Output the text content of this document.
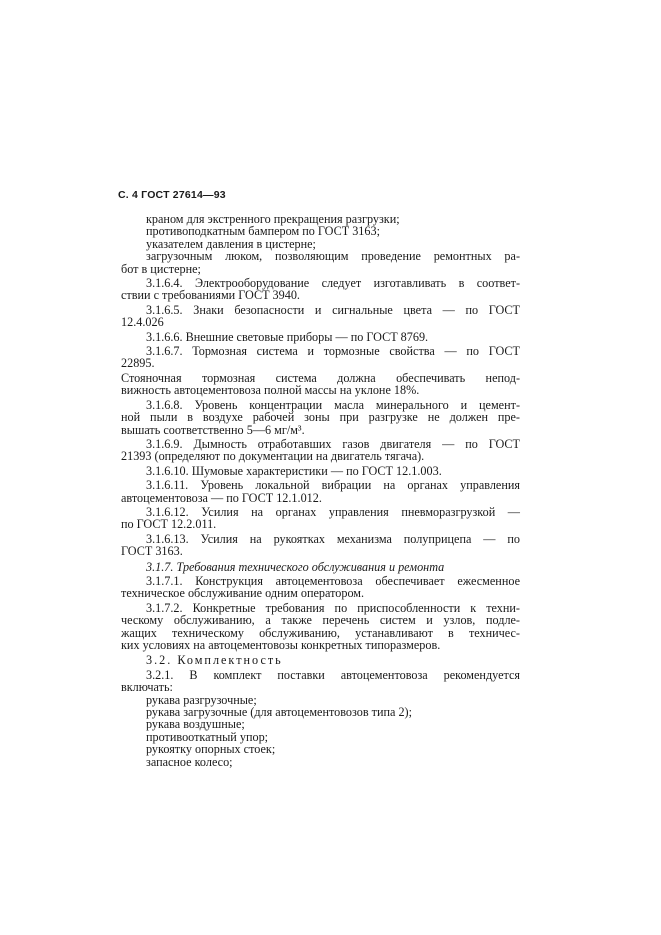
С. 4 ГОСТ 27614—93
краном для экстренного прекращения разгрузки;
противоподкатным бампером по ГОСТ 3163;
указателем давления в цистерне;
загрузочным люком, позволяющим проведение ремонтных ра-
бот в цистерне;
3.1.6.4. Электрооборудование следует изготавливать в соответ-
ствии с требованиями ГОСТ 3940.
3.1.6.5. Знаки безопасности и сигнальные цвета — по ГОСТ
12.4.026
3.1.6.6. Внешние световые приборы — по ГОСТ 8769.
3.1.6.7. Тормозная система и тормозные свойства — по ГОСТ
22895.
Стояночная тормозная система должна обеспечивать непод-
вижность автоцементовоза полной массы на уклоне 18%.
3.1.6.8. Уровень концентрации масла минерального и цемент-
ной пыли в воздухе рабочей зоны при разгрузке не должен пре-
вышать соответственно 5—6 мг/м³.
3.1.6.9. Дымность отработавших газов двигателя — по ГОСТ
21393 (определяют по документации на двигатель тягача).
3.1.6.10. Шумовые характеристики — по ГОСТ 12.1.003.
3.1.6.11. Уровень локальной вибрации на органах управления
автоцементовоза — по ГОСТ 12.1.012.
3.1.6.12. Усилия на органах управления пневморазгрузкой —
по ГОСТ 12.2.011.
3.1.6.13. Усилия на рукоятках механизма полуприцепа — по
ГОСТ 3163.
3.1.7. Требования технического обслуживания и ремонта
3.1.7.1. Конструкция автоцементовоза обеспечивает ежесменное
техническое обслуживание одним оператором.
3.1.7.2. Конкретные требования по приспособленности к техни-
ческому обслуживанию, а также перечень систем и узлов, подле-
жащих техническому обслуживанию, устанавливают в техничес-
ких условиях на автоцементовозы конкретных типоразмеров.
3.2. Комплектность
3.2.1. В комплект поставки автоцементовоза рекомендуется
включать:
рукава разгрузочные;
рукава загрузочные (для автоцементовозов типа 2);
рукава воздушные;
противооткатный упор;
рукоятку опорных стоек;
запасное колесо;
